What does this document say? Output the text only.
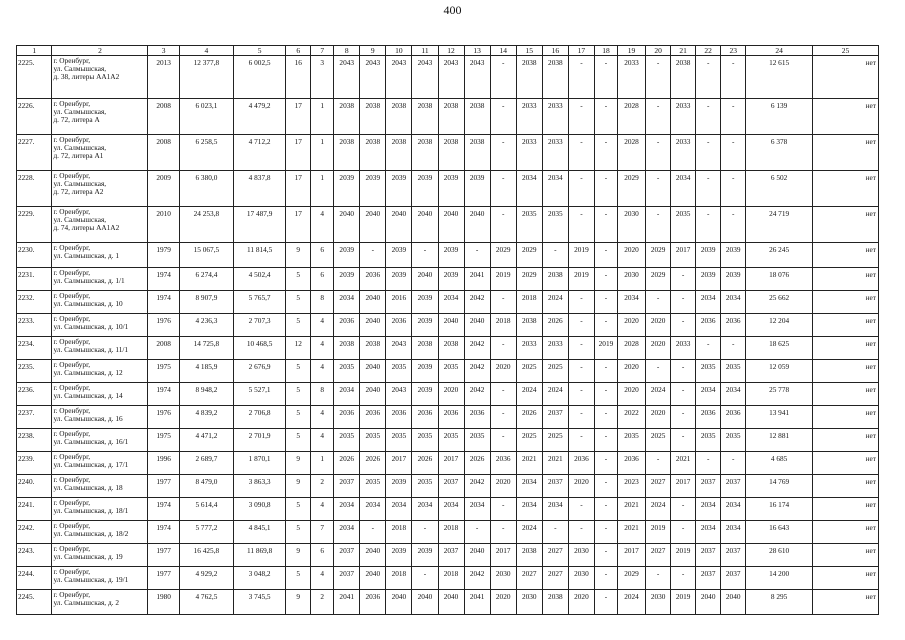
400
1	2	3	4	5	6	7	8	9	10	11	12	13	14	15	16	17	18	19	20	21	22	23	24	25
2225.	г. Оренбург,
ул. Салмышская,
д. 38, литеры АА1А2	2013	12 377,8	6 002,5	16	3	2043	2043	2043	2043	2043	2043	-	2038	2038	-	-	2033	-	2038	-	-	12 615	нет
2226.	г. Оренбург,
ул. Салмышская,
д. 72, литера А	2008	6 023,1	4 479,2	17	1	2038	2038	2038	2038	2038	2038	-	2033	2033	-	-	2028	-	2033	-	-	6 139	нет
2227.	г. Оренбург,
ул. Салмышская,
д. 72, литера А1	2008	6 258,5	4 712,2	17	1	2038	2038	2038	2038	2038	2038	-	2033	2033	-	-	2028	-	2033	-	-	6 378	нет
2228.	г. Оренбург,
ул. Салмышская,
д. 72, литера А2	2009	6 380,0	4 837,8	17	1	2039	2039	2039	2039	2039	2039	-	2034	2034	-	-	2029	-	2034	-	-	6 502	нет
2229.	г. Оренбург,
ул. Салмышская,
д. 74, литеры АА1А2	2010	24 253,8	17 487,9	17	4	2040	2040	2040	2040	2040	2040	-	2035	2035	-	-	2030	-	2035	-	-	24 719	нет
2230.	г. Оренбург,
ул. Салмышская, д. 1	1979	15 067,5	11 814,5	9	6	2039	-	2039	-	2039	-	2029	2029	-	2019	-	2020	2029	2017	2039	2039	26 245	нет
2231.	г. Оренбург,
ул. Салмышская, д. 1/1	1974	6 274,4	4 502,4	5	6	2039	2036	2039	2040	2039	2041	2019	2029	2038	2019	-	2030	2029	-	2039	2039	18 076	нет
2232.	г. Оренбург,
ул. Салмышская, д. 10	1974	8 907,9	5 765,7	5	8	2034	2040	2016	2039	2034	2042	-	2018	2024	-	-	2034	-	-	2034	2034	25 662	нет
2233.	г. Оренбург,
ул. Салмышская, д. 10/1	1976	4 236,3	2 707,3	5	4	2036	2040	2036	2039	2040	2040	2018	2038	2026	-	-	2020	2020	-	2036	2036	12 204	нет
2234.	г. Оренбург,
ул. Салмышская, д. 11/1	2008	14 725,8	10 468,5	12	4	2038	2038	2043	2038	2038	2042	-	2033	2033	-	2019	2028	2020	2033	-	-	18 625	нет
2235.	г. Оренбург,
ул. Салмышская, д. 12	1975	4 185,9	2 676,9	5	4	2035	2040	2035	2039	2035	2042	2020	2025	2025	-	-	2020	-	-	2035	2035	12 059	нет
2236.	г. Оренбург,
ул. Салмышская, д. 14	1974	8 948,2	5 527,1	5	8	2034	2040	2043	2039	2020	2042	-	2024	2024	-	-	2020	2024	-	2034	2034	25 778	нет
2237.	г. Оренбург,
ул. Салмышская, д. 16	1976	4 839,2	2 706,8	5	4	2036	2036	2036	2036	2036	2036	-	2026	2037	-	-	2022	2020	-	2036	2036	13 941	нет
2238.	г. Оренбург,
ул. Салмышская, д. 16/1	1975	4 471,2	2 701,9	5	4	2035	2035	2035	2035	2035	2035	-	2025	2025	-	-	2035	2025	-	2035	2035	12 881	нет
2239.	г. Оренбург,
ул. Салмышская, д. 17/1	1996	2 689,7	1 870,1	9	1	2026	2026	2017	2026	2017	2026	2036	2021	2021	2036	-	2036	-	2021	-	-	4 685	нет
2240.	г. Оренбург,
ул. Салмышская, д. 18	1977	8 479,0	3 863,3	9	2	2037	2035	2039	2035	2037	2042	2020	2034	2037	2020	-	2023	2027	2017	2037	2037	14 769	нет
2241.	г. Оренбург,
ул. Салмышская, д. 18/1	1974	5 614,4	3 090,8	5	4	2034	2034	2034	2034	2034	2034	-	2034	2034	-	-	2021	2024	-	2034	2034	16 174	нет
2242.	г. Оренбург,
ул. Салмышская, д. 18/2	1974	5 777,2	4 845,1	5	7	2034	-	2018	-	2018	-	-	2024	-	-	-	2021	2019	-	2034	2034	16 643	нет
2243.	г. Оренбург,
ул. Салмышская, д. 19	1977	16 425,8	11 869,8	9	6	2037	2040	2039	2039	2037	2040	2017	2038	2027	2030	-	2017	2027	2019	2037	2037	28 610	нет
2244.	г. Оренбург,
ул. Салмышская, д. 19/1	1977	4 929,2	3 048,2	5	4	2037	2040	2018	-	2018	2042	2030	2027	2027	2030	-	2029	-	-	2037	2037	14 200	нет
2245.	г. Оренбург,
ул. Салмышская, д. 2	1980	4 762,5	3 745,5	9	2	2041	2036	2040	2040	2040	2041	2020	2030	2038	2020	-	2024	2030	2019	2040	2040	8 295	нет
